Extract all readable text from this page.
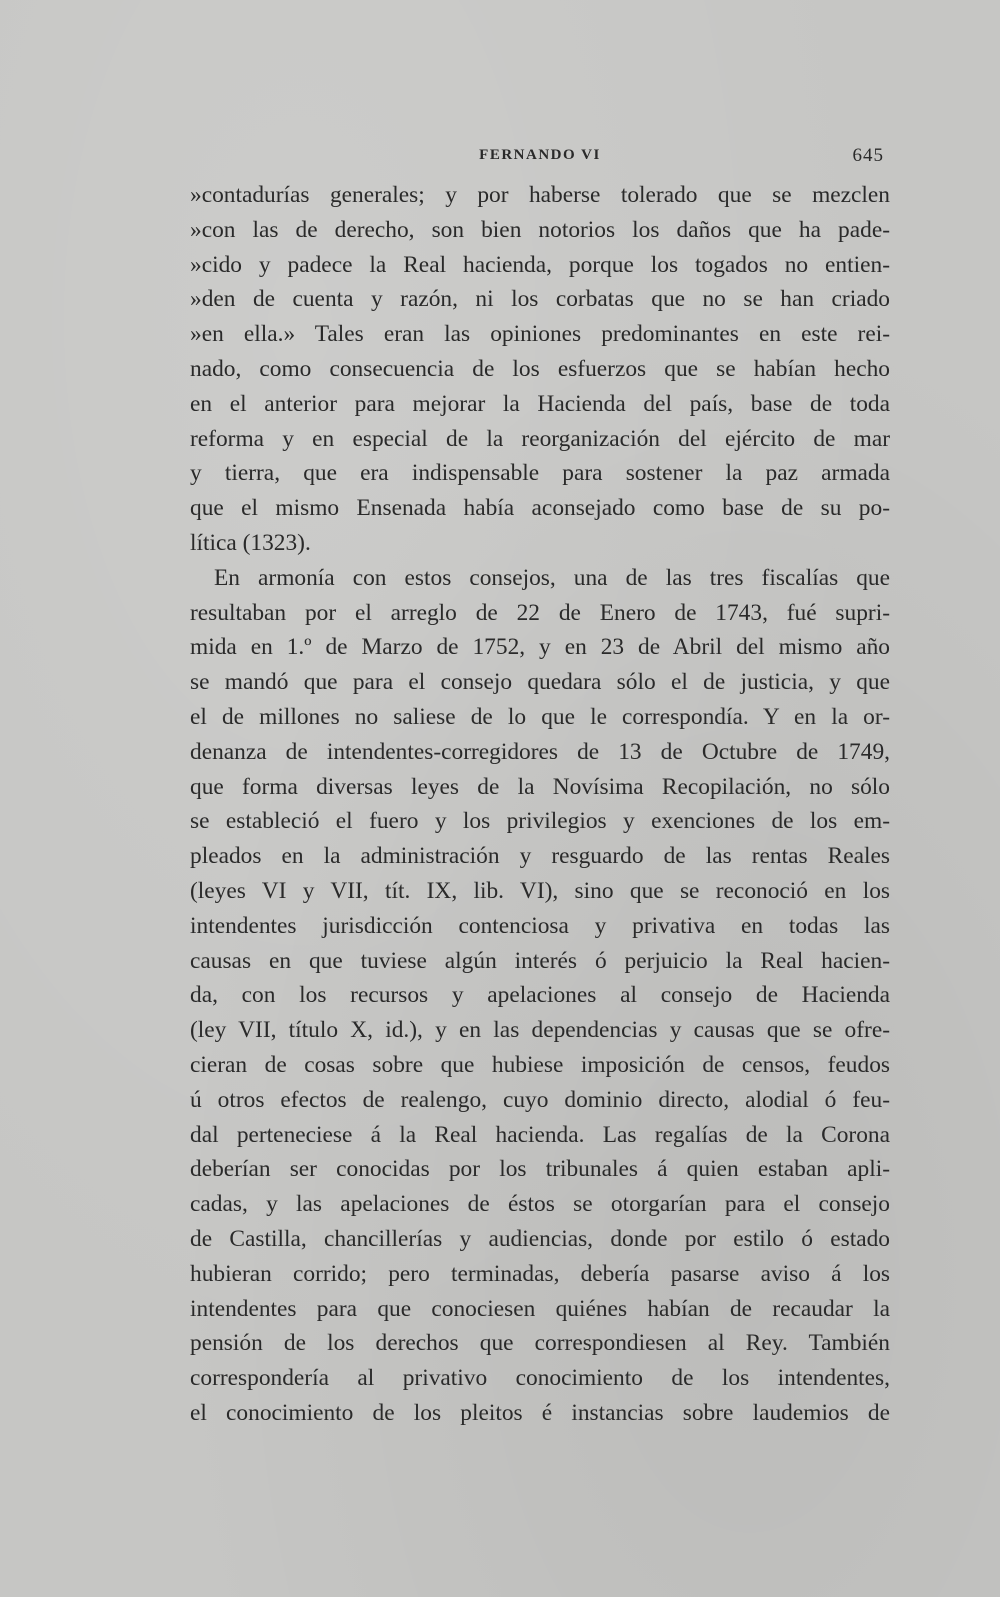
FERNANDO VI	645
»contadurías generales; y por haberse tolerado que se mezclen
»con las de derecho, son bien notorios los daños que ha pade-
»cido y padece la Real hacienda, porque los togados no entien-
»den de cuenta y razón, ni los corbatas que no se han criado
»en ella.» Tales eran las opiniones predominantes en este rei-
nado, como consecuencia de los esfuerzos que se habían hecho
en el anterior para mejorar la Hacienda del país, base de toda
reforma y en especial de la reorganización del ejército de mar
y tierra, que era indispensable para sostener la paz armada
que el mismo Ensenada había aconsejado como base de su po-
lítica (1323).
En armonía con estos consejos, una de las tres fiscalías que
resultaban por el arreglo de 22 de Enero de 1743, fué supri-
mida en 1.º de Marzo de 1752, y en 23 de Abril del mismo año
se mandó que para el consejo quedara sólo el de justicia, y que
el de millones no saliese de lo que le correspondía. Y en la or-
denanza de intendentes-corregidores de 13 de Octubre de 1749,
que forma diversas leyes de la Novísima Recopilación, no sólo
se estableció el fuero y los privilegios y exenciones de los em-
pleados en la administración y resguardo de las rentas Reales
(leyes VI y VII, tít. IX, lib. VI), sino que se reconoció en los
intendentes jurisdicción contenciosa y privativa en todas las
causas en que tuviese algún interés ó perjuicio la Real hacien-
da, con los recursos y apelaciones al consejo de Hacienda
(ley VII, título X, id.), y en las dependencias y causas que se ofre-
cieran de cosas sobre que hubiese imposición de censos, feudos
ú otros efectos de realengo, cuyo dominio directo, alodial ó feu-
dal perteneciese á la Real hacienda. Las regalías de la Corona
deberían ser conocidas por los tribunales á quien estaban apli-
cadas, y las apelaciones de éstos se otorgarían para el consejo
de Castilla, chancillerías y audiencias, donde por estilo ó estado
hubieran corrido; pero terminadas, debería pasarse aviso á los
intendentes para que conociesen quiénes habían de recaudar la
pensión de los derechos que correspondiesen al Rey. También
correspondería al privativo conocimiento de los intendentes,
el conocimiento de los pleitos é instancias sobre laudemios de
